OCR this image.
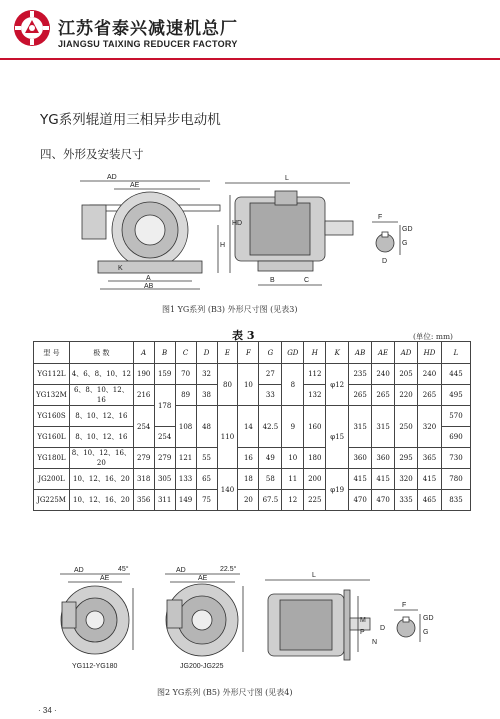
江苏省泰兴减速机总厂
JIANGSU TAIXING REDUCER FACTORY
YG系列辊道用三相异步电动机
四、外形及安装尺寸
AD
AE
HD
H
K
A
AB
L
B	C
F
GD
G
D
图1 YG系列 (B3) 外形尺寸图 (见表3)
表 3	(单位: mm)
型 号	极 数	A	B	C	D	E	F	G	GD	H	K	AB	AE	AD	HD	L
YG112L	4、6、8、10、12	190	159	70	32	80	10	27	8	112	φ12	235	240	205	240	445
YG132M	6、8、10、12、16	216	178	89	38			33		132		265	265	220	265	495
YG160S	8、10、12、16	254		108	48	110	14	42.5	9	160	φ15	315	315	250	320	570
YG160L	8、10、12、16		254													690
YG180L	8、10、12、16、20	279	279	121	55		16	49	10	180		360	360	295	365	730
JG200L	10、12、16、20	318	305	133	65	140	18	58	11	200	φ19	415	415	320	415	780
JG225M	10、12、16、20	356	311	149	75		20	67.5	12	225		470	470	335	465	835
AD
AE
45°	AD
AE
22.5°
L
M
P
N
D
F
GD
G
YG112-YG180	JG200-JG225
图2 YG系列 (B5) 外形尺寸图 (见表4)
· 34 ·
